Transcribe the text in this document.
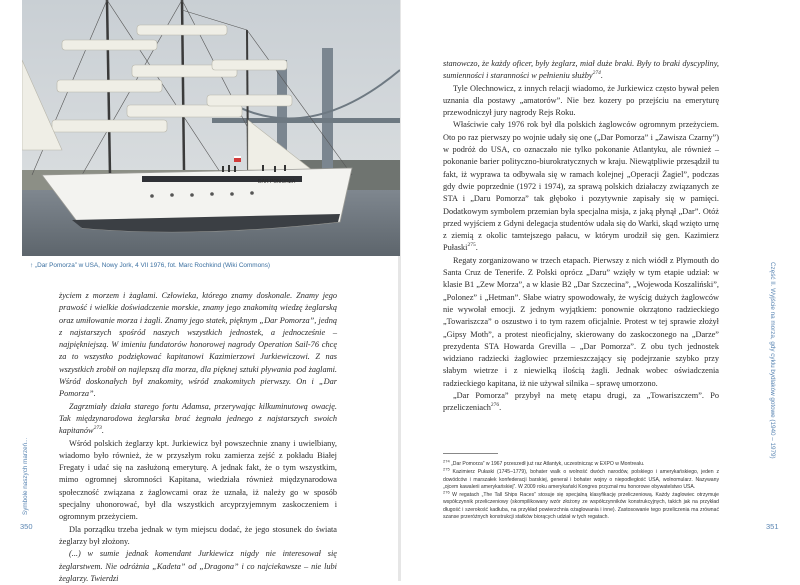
DAR POMORZA
↑ „Dar Pomorza” w USA, Nowy Jork, 4 VII 1976, fot. Marc Rochkind (Wiki Commons)

życiem z morzem i żaglami. Człowieka, którego znamy doskonale. Znamy jego prawość i wielkie doświadczenie morskie, znamy jego znakomitą wiedzę żeglarską oraz umiłowanie morza i żagli. Znamy jego statek, pięknym „Dar Pomorza”, jedną z najstarszych spośród naszych wszystkich jednostek, a jednocześnie – najpiękniejszą. W imieniu fundatorów honorowej nagrody Operation Sail-76 chcę za to wszystko podziękować kapitanowi Kazimierzowi Jurkiewiczowi. Z nas wszystkich zrobił on najlepszą dla morza, dla pięknej sztuki pływania pod żaglami. Wśród doskonałych był znakomity, wśród znakomitych pierwszy. On i „Dar Pomorza”.

Zagrzmiały działa starego fortu Adamsa, przerywając kilkuminutową owację. Tak międzynarodowa żeglarska brać żegnała jednego z najstarszych swoich kapitanów$^{273}$.

Wśród polskich żeglarzy kpt. Jurkiewicz był powszechnie znany i uwielbiany, wiadomo było również, że w przyszłym roku zamierza zejść z pokładu Białej Fregaty i udać się na zasłużoną emeryturę. A jednak fakt, że o tym wszystkim, mimo ogromnej skromności Kapitana, wiedziała również międzynarodowa społeczność związana z żaglowcami oraz że uznała, iż należy go w sposób specjalny uhonorować, był dla wszystkich arcyprzyjemnym zaskoczeniem i ogromnym przeżyciem.

Dla porządku trzeba jednak w tym miejscu dodać, że jego stosunek do świata żeglarzy był złożony.

(...) w sumie jednak komendant Jurkiewicz nigdy nie interesował się żeglarstwem. Nie odróżnia „Kadeta” od „Dragona” i co najciekawsze – nie lubi żeglarzy. Twierdzi

Symbole naszych marzeń...
350

stanowczo, że każdy oficer, były żeglarz, miał duże braki. Były to braki dyscypliny, sumienności i staranności w pełnieniu służby$^{274}$.

Tyle Olechnowicz, z innych relacji wiadomo, że Jurkiewicz często bywał pełen uznania dla postawy „amatorów”. Nie bez kozery po przejściu na emeryturę przewodniczył jury nagrody Rejs Roku.

Właściwie cały 1976 rok był dla polskich żaglowców ogromnym przeżyciem. Oto po raz pierwszy po wojnie udały się one („Dar Pomorza” i „Zawisza Czarny”) w podróż do USA, co oznaczało nie tylko pokonanie Atlantyku, ale również – pokonanie barier polityczno-biurokratycznych w kraju. Niewątpliwie przesądził tu fakt, iż wyprawa ta odbywała się w ramach kolejnej „Operacji Żagiel”, podczas gdy dwie poprzednie (1972 i 1974), za sprawą polskich działaczy związanych ze STA i „Daru Pomorza” tak głęboko i pozytywnie zapisały się w pamięci. Dodatkowym symbolem przemian była specjalna misja, z jaką płynął „Dar”. Otóż przed wyjściem z Gdyni delegacja studentów udała się do Warki, skąd wzięto urnę z ziemią z okolic tamtejszego pałacu, w którym urodził się gen. Kazimierz Pułaski$^{275}$.

Regaty zorganizowano w trzech etapach. Pierwszy z nich wiódł z Plymouth do Santa Cruz de Tenerife. Z Polski oprócz „Daru” wzięły w tym etapie udział: w klasie B1 „Zew Morza”, a w klasie B2 „Dar Szczecina”, „Wojewoda Koszaliński”, „Polonez” i „Hetman”. Słabe wiatry spowodowały, że wyścig dużych żaglowców nie wywołał emocji. Z jednym wyjątkiem: ponownie okrzątono radzieckiego „Towariszcza” o oszustwo i to tym razem oficjalnie. Protest w tej sprawie złożył „Gipsy Moth”, a protest nieoficjalny, skierowany do zaskoczonego na „Darze” prezydenta STA Howarda Grevilla – „Dar Pomorza”. Z obu tych jednostek widziano radziecki żaglowiec przemieszczający się podejrzanie szybko przy słabym wietrze i z niewielką ilością żagli. Jednak wobec oświadczenia radzieckiego kapitana, iż nie używał silnika – sprawę umorzono.

„Dar Pomorza” przybył na metę etapu drugi, za „Towariszczem”. Po przeliczeniach$^{276}$.

$^{274}$ „Dar Pomorza” w 1967 przeszedł już raz Atlantyk, uczestnicząc w EXPO w Montrealu.

$^{275}$ Kazimierz Pułaski (1745–1779), bohater walk o wolność dwóch narodów, polskiego i amerykańskiego, jeden z dowódców i marszałek konfederacji barskiej, generał i bohater wojny o niepodległość USA, wolnomularz. Nazywany „ojcem kawalerii amerykańskiej”. W 2009 roku amerykański Kongres przyznał mu honorowe obywatelstwo USA.

$^{276}$ W regatach „The Tall Ships Races” stosuje się specjalną klasyfikację przeliczeniową. Każdy żaglowiec otrzymuje współczynnik przeliczeniowy (skompilikowany wzór złożony ze współczynników konstrukcyjnych, takich jak na przykład długość i szerokość kadłuba, na przykład powierzchnia ożaglowania i inne). Zastosowanie tego przeliczenia ma zrównać szanse przeróżnych konstrukcji statków biorących udział w tych regatach.

Część II. Wyjście na morza, gdy cyklu bydlaków gotowe (1940 – 1979)
351
